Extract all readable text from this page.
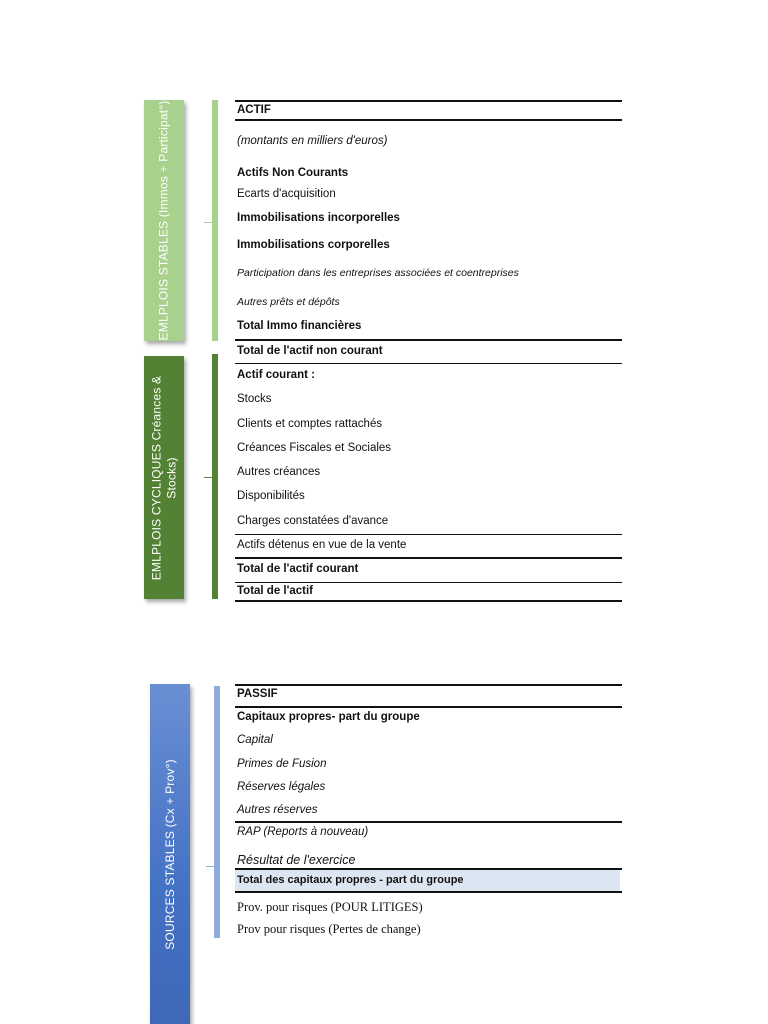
EMLPLOIS STABLES (Immos + Participat°)
EMLPLOIS CYCLIQUES Créances & Stocks)
SOURCES STABLES (Cx + Prov°)
ACTIF
(montants en milliers d'euros)
Actifs Non Courants
Ecarts d'acquisition
Immobilisations incorporelles
Immobilisations corporelles
Participation dans les entreprises associées et coentreprises
Autres prêts et dépôts
Total Immo financières
Total de l'actif non courant
Actif courant :
Stocks
Clients et comptes rattachés
Créances Fiscales et Sociales
Autres créances
Disponibilités
Charges constatées d'avance
Actifs détenus en vue de la vente
Total de l'actif courant
Total de l'actif
PASSIF
Capitaux propres- part du groupe
Capital
Primes de Fusion
Réserves légales
Autres réserves
RAP (Reports à nouveau)
Résultat de l'exercice
Total des capitaux propres - part du groupe
Prov. pour risques (POUR LITIGES)
Prov pour risques (Pertes de change)
